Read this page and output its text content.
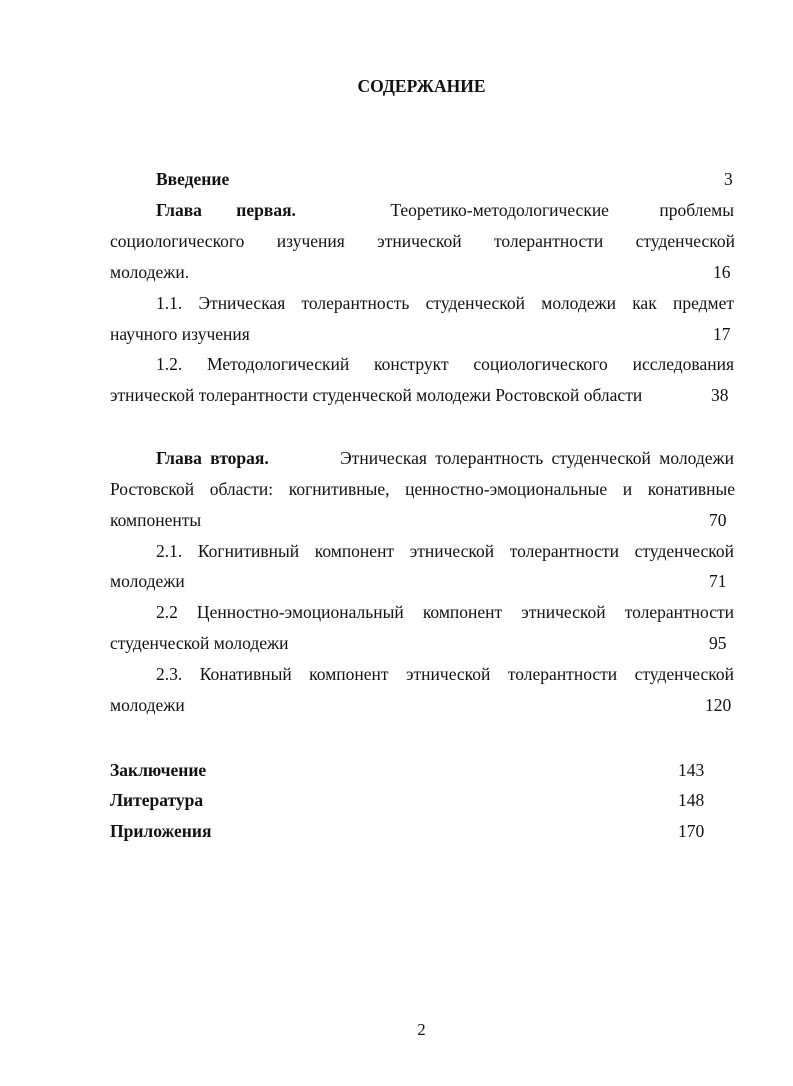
СОДЕРЖАНИЕ
Введение	3
Глава первая.	Теоретико-методологические проблемы
социологического изучения этнической толерантности студенческой
молодежи.	16
1.1. Этническая толерантность студенческой молодежи как предмет
научного изучения	17
1.2. Методологический конструкт социологического исследования
этнической толерантности студенческой молодежи Ростовской области	38
Глава вторая.	Этническая толерантность студенческой молодежи
Ростовской области: когнитивные, ценностно-эмоциональные и конативные
компоненты	70
2.1. Когнитивный компонент этнической толерантности студенческой
молодежи	71
2.2 Ценностно-эмоциональный компонент этнической толерантности
студенческой молодежи	95
2.3. Конативный компонент этнической толерантности студенческой
молодежи	120
Заключение	143
Литература	148
Приложения	170
2
